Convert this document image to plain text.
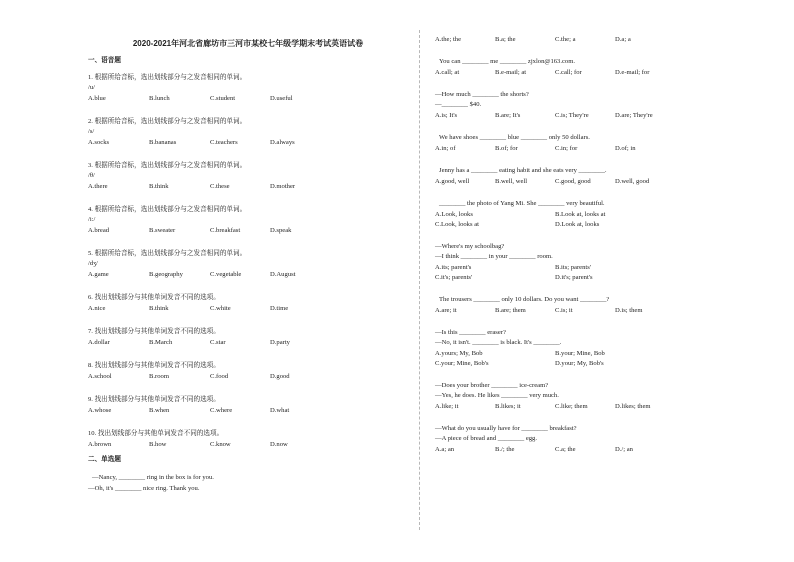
2020-2021年河北省廊坊市三河市某校七年级学期末考试英语试卷
一、语音题
1. 根据所给音标，选出划线部分与之发音相同的单词。
/u/
A.blue	B.lunch	C.student	D.useful
2. 根据所给音标，选出划线部分与之发音相同的单词。
/s/
A.socks	B.bananas	C.teachers	D.always
3. 根据所给音标，选出划线部分与之发音相同的单词。
/θ/
A.there	B.think	C.these	D.mother
4. 根据所给音标，选出划线部分与之发音相同的单词。
/i:/
A.bread	B.sweater	C.breakfast	D.speak
5. 根据所给音标，选出划线部分与之发音相同的单词。
/dʒ/
A.game	B.geography	C.vegetable	D.August
6. 找出划线部分与其他单词发音不同的选项。
A.nice	B.think	C.white	D.time
7. 找出划线部分与其他单词发音不同的选项。
A.dollar	B.March	C.star	D.party
8. 找出划线部分与其他单词发音不同的选项。
A.school	B.room	C.food	D.good
9. 找出划线部分与其他单词发音不同的选项。
A.whose	B.when	C.where	D.what
10. 找出划线部分与其他单词发音不同的选项。
A.brown	B.how	C.know	D.now
二、单选题
—Nancy, ________ ring in the box is for you.
—Oh, it's ________ nice ring. Thank you.
A.the; the	B.a; the	C.the; a	D.a; a
You can ________ me ________ zjxlon@163.com.
A.call; at	B.e-mail; at	C.call; for	D.e-mail; for
—How much ________ the shorts?
—________ $40.
A.is; It's	B.are; It's	C.is; They're	D.are; They're
We have shoes ________ blue ________ only 50 dollars.
A.in; of	B.of; for	C.in; for	D.of; in
Jenny has a ________ eating habit and she eats very ________.
A.good, well	B.well, well	C.good, good	D.well, good
________ the photo of Yang Mi. She ________ very beautiful.
A.Look, looks	B.Look at, looks at
C.Look, looks at	D.Look at, looks
—Where's my schoolbag?
—I think ________ in your ________ room.
A.its; parent's	B.its; parents'
C.it's; parents'	D.it's; parent's
The trousers ________ only 10 dollars. Do you want ________?
A.are; it	B.are; them	C.is; it	D.is; them
—Is this ________ eraser?
—No, it isn't. ________ is black. It's ________.
A.yours; My, Bob	B.your; Mine, Bob
C.your; Mine, Bob's	D.your; My, Bob's
—Does your brother ________ ice-cream?
—Yes, he does. He likes ________ very much.
A.like; it	B.likes; it	C.like; them	D.likes; them
—What do you usually have for ________ breakfast?
—A piece of bread and ________ egg.
A.a; an	B./; the	C.a; the	D./; an
